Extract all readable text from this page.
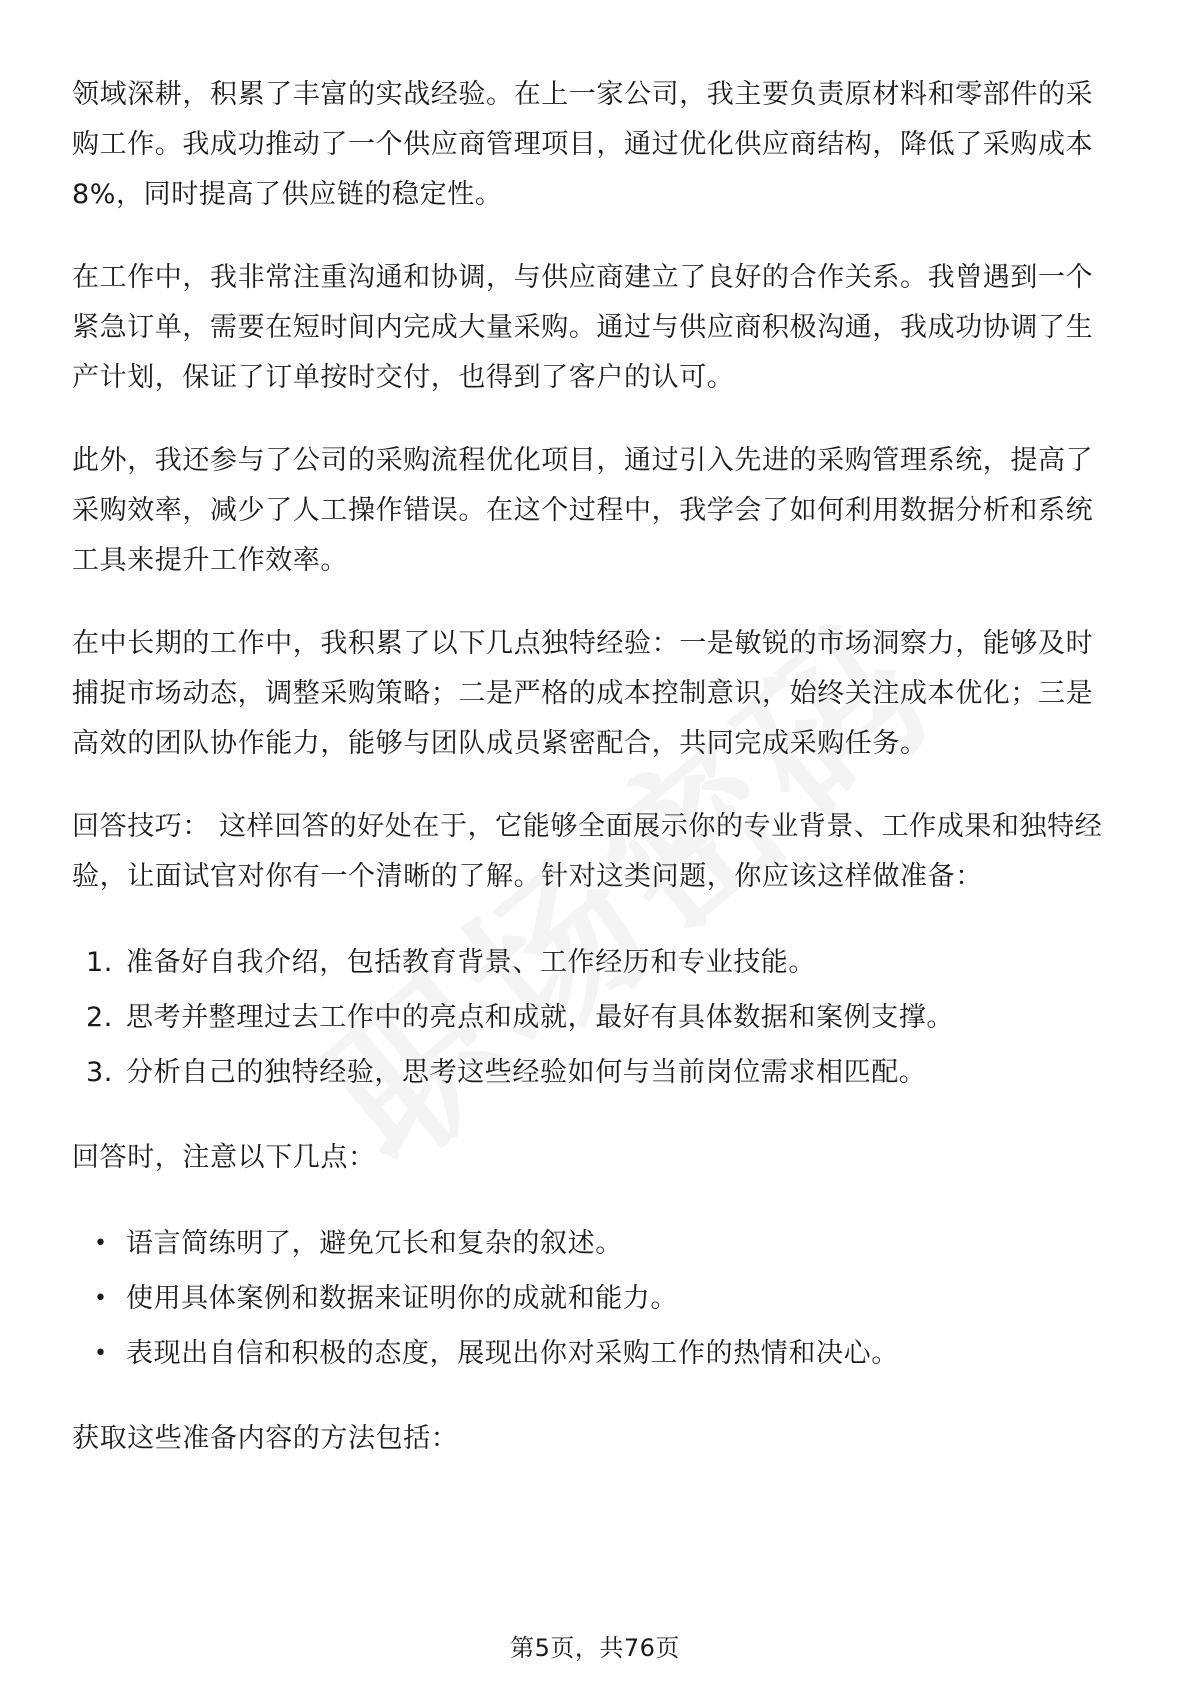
领域深耕，积累了丰富的实战经验。在上一家公司，我主要负责原材料和零部件的采购工作。我成功推动了一个供应商管理项目，通过优化供应商结构，降低了采购成本8%，同时提高了供应链的稳定性。

在工作中，我非常注重沟通和协调，与供应商建立了良好的合作关系。我曾遇到一个紧急订单，需要在短时间内完成大量采购。通过与供应商积极沟通，我成功协调了生产计划，保证了订单按时交付，也得到了客户的认可。

此外，我还参与了公司的采购流程优化项目，通过引入先进的采购管理系统，提高了采购效率，减少了人工操作错误。在这个过程中，我学会了如何利用数据分析和系统工具来提升工作效率。

在中长期的工作中，我积累了以下几点独特经验：一是敏锐的市场洞察力，能够及时捕捉市场动态，调整采购策略；二是严格的成本控制意识，始终关注成本优化；三是高效的团队协作能力，能够与团队成员紧密配合，共同完成采购任务。

回答技巧： 这样回答的好处在于，它能够全面展示你的专业背景、工作成果和独特经验，让面试官对你有一个清晰的了解。针对这类问题，你应该这样做准备：

1. 准备好自我介绍，包括教育背景、工作经历和专业技能。
2. 思考并整理过去工作中的亮点和成就，最好有具体数据和案例支撑。
3. 分析自己的独特经验，思考这些经验如何与当前岗位需求相匹配。

回答时，注意以下几点：

• 语言简练明了，避免冗长和复杂的叙述。
• 使用具体案例和数据来证明你的成就和能力。
• 表现出自信和积极的态度，展现出你对采购工作的热情和决心。

获取这些准备内容的方法包括：

第5页，共76页
